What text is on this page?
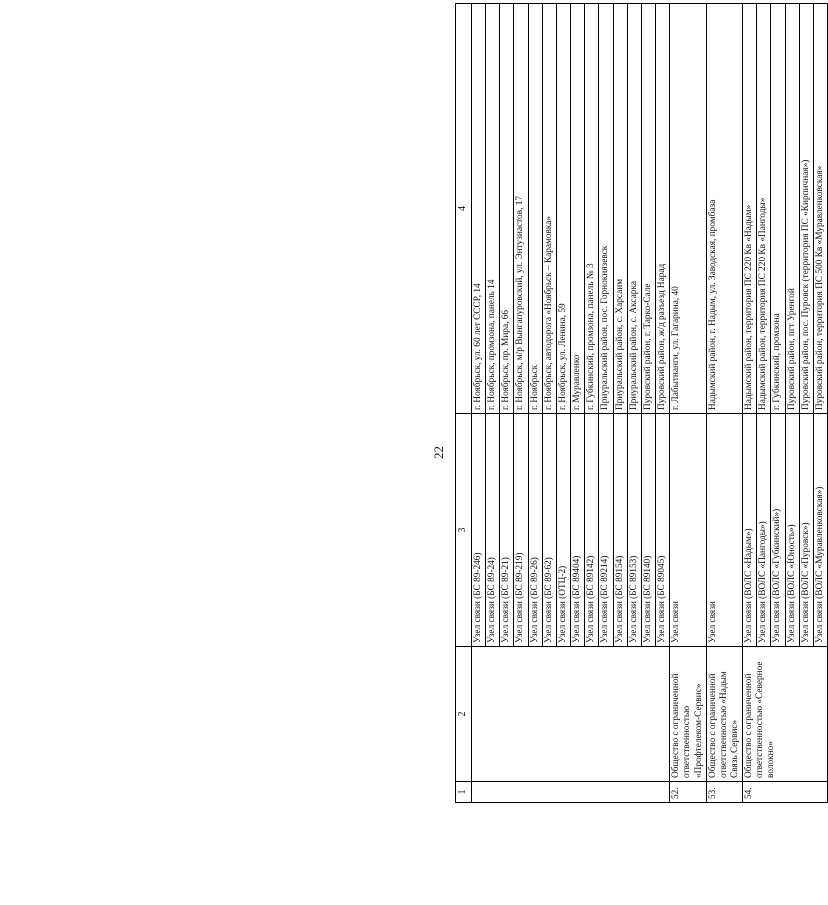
22
1	2	3	4
		Узел связи (БС 89-246)	г. Ноябрьск, ул. 60 лет СССР, 14
		Узел связи (БС 89-24)	г. Ноябрьск, промзона, панель 14
		Узел связи (БС 89-21)	г. Ноябрьск, пр. Мира, 66
		Узел связи (БС 89-219)	г. Ноябрьск, м/р Вынгапуровский, ул. Энтузиастов, 17
		Узел связи (БС 89-26)	г. Ноябрьск
		Узел связи (БС 89-62)	г. Ноябрьск, автодорога «Ноябрьск – Карамовка»
		Узел связи (ОТЦ-2)	г. Ноябрьск, ул. Ленина, 59
		Узел связи (БС 89404)	г. Муравленко
		Узел связи (БС 89142)	г. Губкинский, промзона, панель № 3
		Узел связи (БС 89214)	Приуральский район, пос. Горнокнязевск
		Узел связи (БС 89154)	Приуральский район, с. Харсаим
		Узел связи (БС 89153)	Приуральский район, с. Аксарка
		Узел связи (БС 89140)	Пуровский район, г. Тарко-Сале
		Узел связи (БС 89045)	Пуровский район, ж/д разъезд Нарад
52.	Общество с ограниченной ответственностью «Профтелеком-Сервис»	Узел связи	г. Лабытнанги, ул. Гагарина, 40
53.	Общество с ограниченной ответственностью «Надым Связь Сервис»	Узел связи	Надымский район, г. Надым, ул. Заводская, промбаза
54.	Общество с ограниченной ответственностью «Северное волокно»	Узел связи (ВОЛС «Надым»)	Надымский район, территория ПС 220 Кв «Надым»
		Узел связи (ВОЛС «Пангоды»)	Надымский район, территория ПС 220 Кв «Пангоды»
		Узел связи (ВОЛС «Губкинский»)	г. Губкинский, промзона
		Узел связи (ВОЛС «Юность»)	Пуровский район, пгт Уренгой
		Узел связи (ВОЛС «Пуровск»)	Пуровский район, пос. Пуровск (территория ПС «Кирпичная»)
		Узел связи (ВОЛС «Муравленковская»)	Пуровский район, территория ПС 500 Кв «Муравленковская»
